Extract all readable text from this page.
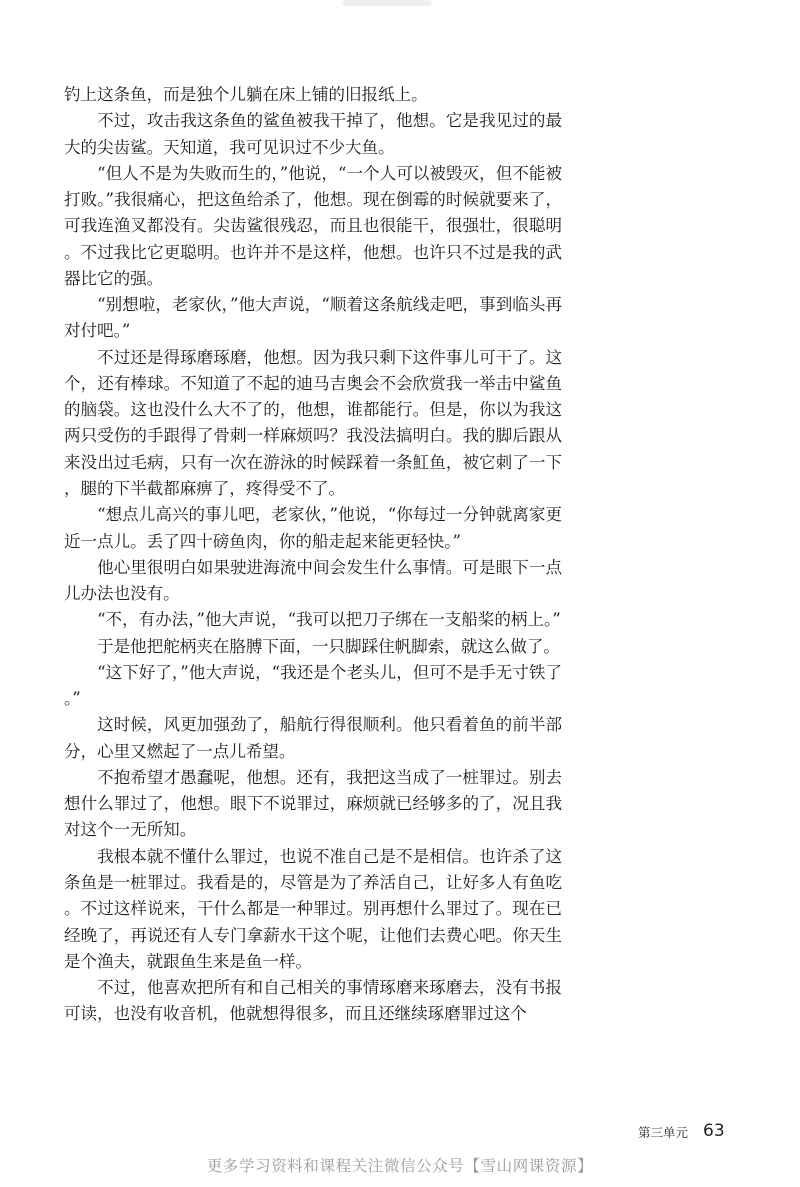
钓上这条鱼，而是独个儿躺在床上铺的旧报纸上。

不过，攻击我这条鱼的鲨鱼被我干掉了，他想。它是我见过的最大的尖齿鲨。天知道，我可见识过不少大鱼。

“但人不是为失败而生的，”他说，“一个人可以被毁灭，但不能被打败。”我很痛心，把这鱼给杀了，他想。现在倒霉的时候就要来了，可我连渔叉都没有。尖齿鲨很残忍，而且也很能干，很强壮，很聪明。不过我比它更聪明。也许并不是这样，他想。也许只不过是我的武器比它的强。

“别想啦，老家伙，”他大声说，“顺着这条航线走吧，事到临头再对付吧。”

不过还是得琢磨琢磨，他想。因为我只剩下这件事儿可干了。这个，还有棒球。不知道了不起的迪马吉奥会不会欣赏我一举击中鲨鱼的脑袋。这也没什么大不了的，他想，谁都能行。但是，你以为我这两只受伤的手跟得了骨刺一样麻烦吗？我没法搞明白。我的脚后跟从来没出过毛病，只有一次在游泳的时候踩着一条魟鱼，被它刺了一下，腿的下半截都麻痹了，疼得受不了。

“想点儿高兴的事儿吧，老家伙，”他说，“你每过一分钟就离家更近一点儿。丢了四十磅鱼肉，你的船走起来能更轻快。”

他心里很明白如果驶进海流中间会发生什么事情。可是眼下一点儿办法也没有。

“不，有办法，”他大声说，“我可以把刀子绑在一支船桨的柄上。”

于是他把舵柄夹在胳膊下面，一只脚踩住帆脚索，就这么做了。

“这下好了，”他大声说，“我还是个老头儿，但可不是手无寸铁了。”

这时候，风更加强劲了，船航行得很顺利。他只看着鱼的前半部分，心里又燃起了一点儿希望。

不抱希望才愚蠢呢，他想。还有，我把这当成了一桩罪过。别去想什么罪过了，他想。眼下不说罪过，麻烦就已经够多的了，况且我对这个一无所知。

我根本就不懂什么罪过，也说不准自己是不是相信。也许杀了这条鱼是一桩罪过。我看是的，尽管是为了养活自己，让好多人有鱼吃。不过这样说来，干什么都是一种罪过。别再想什么罪过了。现在已经晚了，再说还有人专门拿薪水干这个呢，让他们去费心吧。你天生是个渔夫，就跟鱼生来是鱼一样。

不过，他喜欢把所有和自己相关的事情琢磨来琢磨去，没有书报可读，也没有收音机，他就想得很多，而且还继续琢磨罪过这个

第三单元 63
更多学习资料和课程关注微信公众号【雪山网课资源】
